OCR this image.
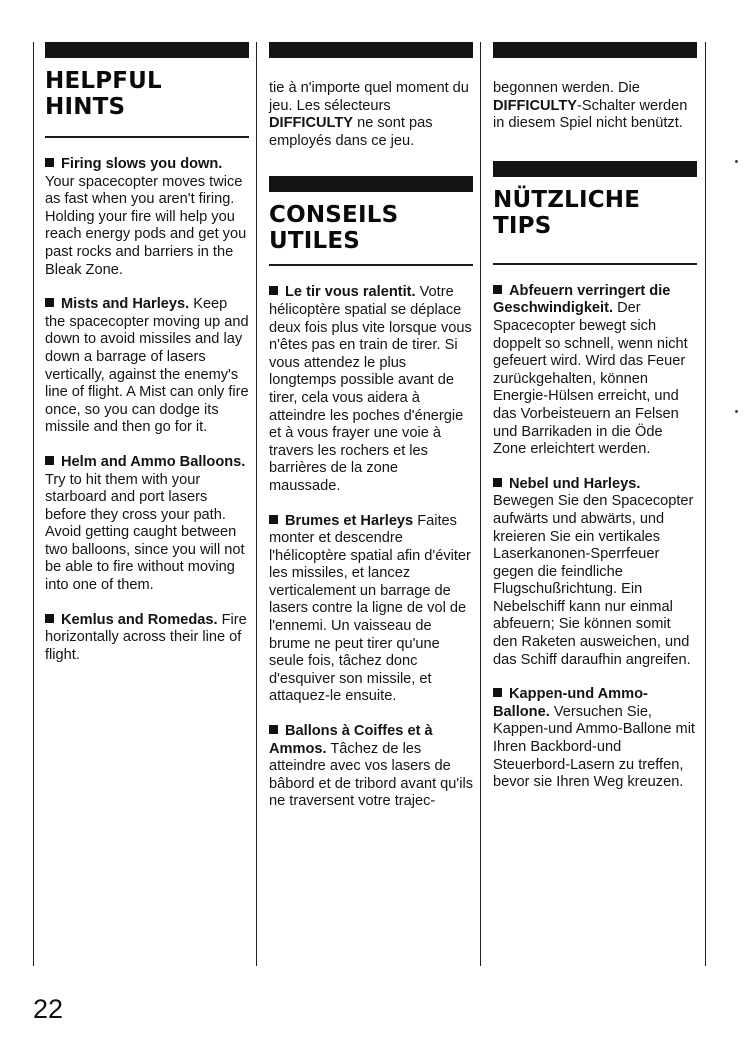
HELPFUL HINTS

Firing slows you down. Your spacecopter moves twice as fast when you aren't firing. Holding your fire will help you reach energy pods and get you past rocks and barriers in the Bleak Zone.

Mists and Harleys. Keep the spacecopter moving up and down to avoid missiles and lay down a barrage of lasers vertically, against the enemy's line of flight. A Mist can only fire once, so you can dodge its missile and then go for it.

Helm and Ammo Balloons. Try to hit them with your starboard and port lasers before they cross your path. Avoid getting caught between two balloons, since you will not be able to fire without moving into one of them.

Kemlus and Romedas. Fire horizontally across their line of flight.

tie à n'importe quel moment du jeu. Les sélecteurs DIFFICULTY ne sont pas employés dans ce jeu.
CONSEILS
UTILES

Le tir vous ralentit. Votre hélicoptère spatial se déplace deux fois plus vite lorsque vous n'êtes pas en train de tirer. Si vous attendez le plus longtemps possible avant de tirer, cela vous aidera à atteindre les poches d'énergie et à vous frayer une voie à travers les rochers et les barrières de la zone maussade.

Brumes et Harleys Faites monter et descendre l'hélicoptère spatial afin d'éviter les missiles, et lancez verticalement un barrage de lasers contre la ligne de vol de l'ennemi. Un vaisseau de brume ne peut tirer qu'une seule fois, tâchez donc d'esquiver son missile, et attaquez-le ensuite.

Ballons à Coiffes et à Ammos. Tâchez de les atteindre avec vos lasers de bâbord et de tribord avant qu'ils ne traversent votre trajec-

begonnen werden. Die DIFFICULTY-Schalter werden in diesem Spiel nicht benützt.
NÜTZLICHE TIPS

Abfeuern verringert die Geschwindigkeit. Der Spacecopter bewegt sich doppelt so schnell, wenn nicht gefeuert wird. Wird das Feuer zurückgehalten, können Energie-Hülsen erreicht, und das Vorbeisteuern an Felsen und Barrikaden in die Öde Zone erleichtert werden.

Nebel und Harleys. Bewegen Sie den Spacecopter aufwärts und abwärts, und kreieren Sie ein vertikales Laserkanonen-Sperrfeuer gegen die feindliche Flugschußrichtung. Ein Nebelschiff kann nur einmal abfeuern; Sie können somit den Raketen ausweichen, und das Schiff daraufhin angreifen.

Kappen-und Ammo-Ballone. Versuchen Sie, Kappen-und Ammo-Ballone mit Ihren Backbord-und Steuerbord-Lasern zu treffen, bevor sie Ihren Weg kreuzen.

22
